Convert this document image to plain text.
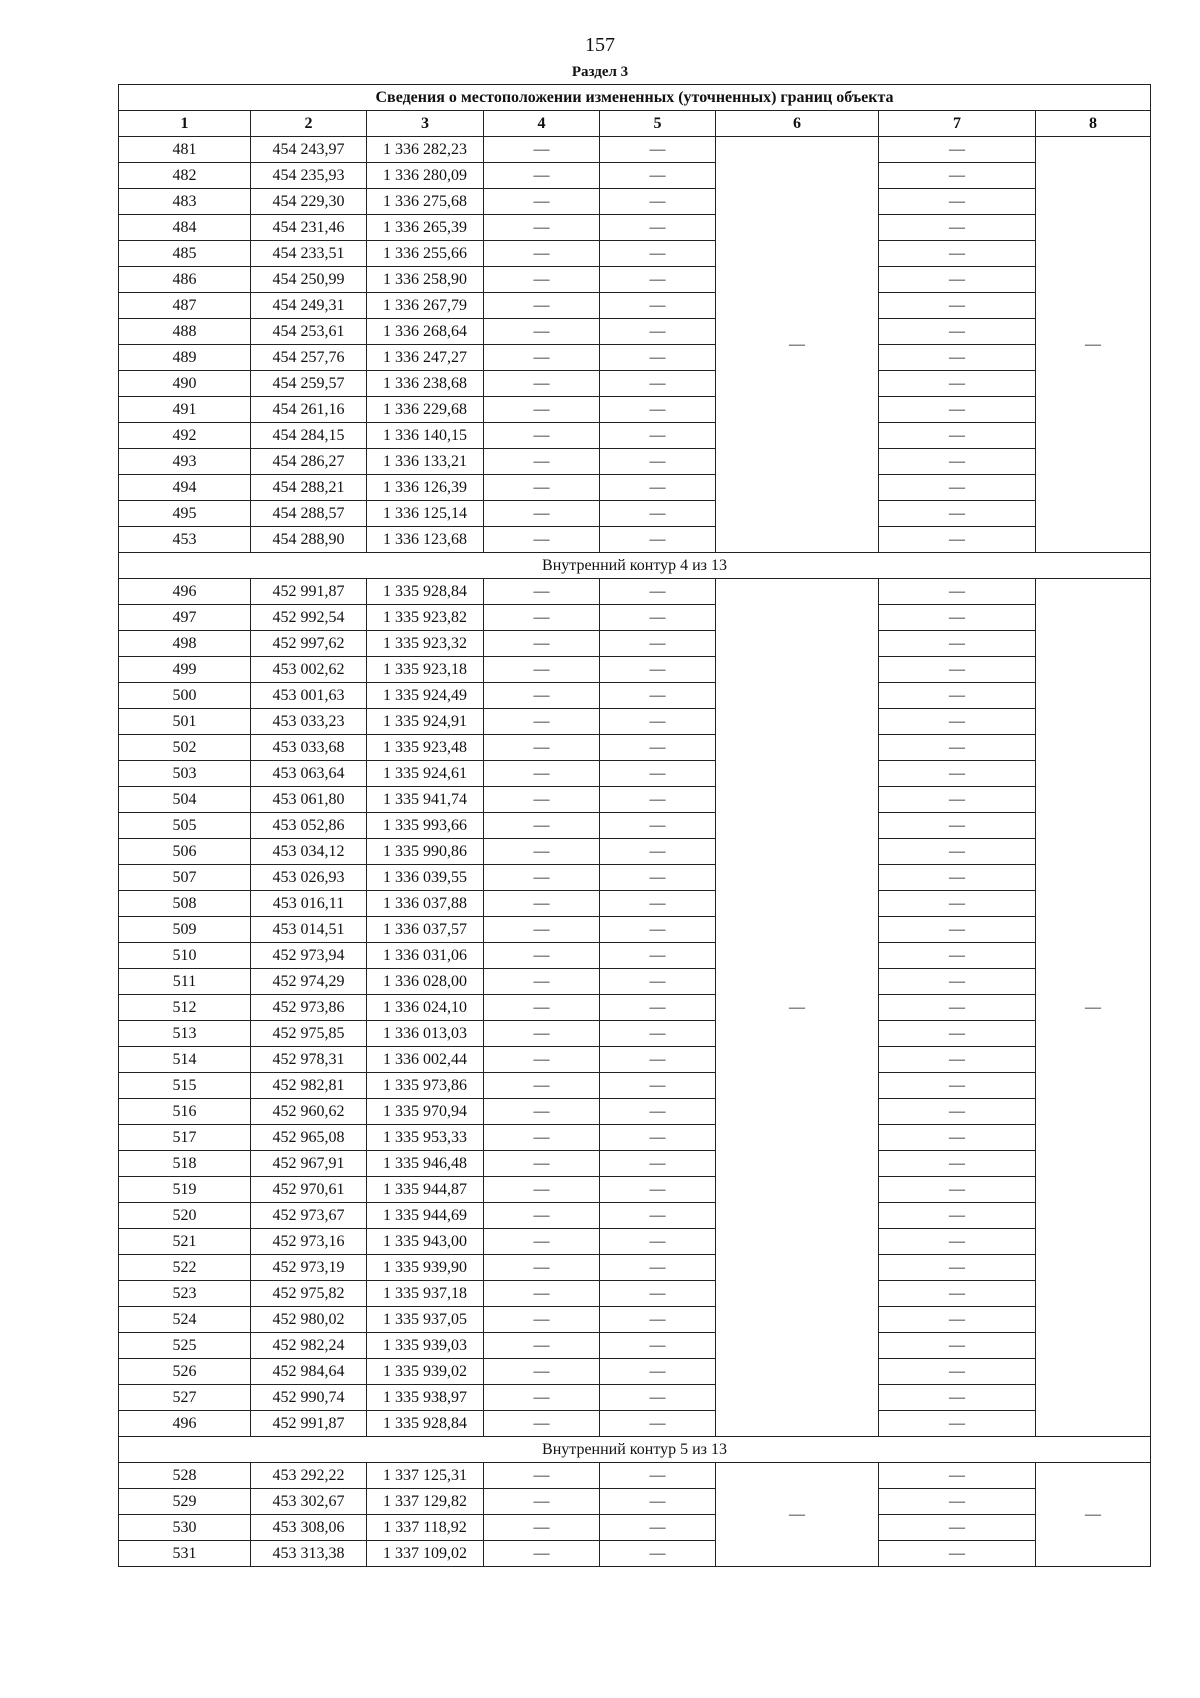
157
Раздел 3
Сведения о местоположении измененных (уточненных) границ объекта							
1	2	3	4	5	6	7	8
481	454 243,97	1 336 282,23	—	—	—	—	—
482	454 235,93	1 336 280,09	—	—		—	
483	454 229,30	1 336 275,68	—	—		—	
484	454 231,46	1 336 265,39	—	—		—	
485	454 233,51	1 336 255,66	—	—		—	
486	454 250,99	1 336 258,90	—	—		—	
487	454 249,31	1 336 267,79	—	—		—	
488	454 253,61	1 336 268,64	—	—		—	
489	454 257,76	1 336 247,27	—	—		—	
490	454 259,57	1 336 238,68	—	—		—	
491	454 261,16	1 336 229,68	—	—		—	
492	454 284,15	1 336 140,15	—	—		—	
493	454 286,27	1 336 133,21	—	—		—	
494	454 288,21	1 336 126,39	—	—		—	
495	454 288,57	1 336 125,14	—	—		—	
453	454 288,90	1 336 123,68	—	—		—	
Внутренний контур 4 из 13							
496	452 991,87	1 335 928,84	—	—	—	—	—
497	452 992,54	1 335 923,82	—	—		—	
498	452 997,62	1 335 923,32	—	—		—	
499	453 002,62	1 335 923,18	—	—		—	
500	453 001,63	1 335 924,49	—	—		—	
501	453 033,23	1 335 924,91	—	—		—	
502	453 033,68	1 335 923,48	—	—		—	
503	453 063,64	1 335 924,61	—	—		—	
504	453 061,80	1 335 941,74	—	—		—	
505	453 052,86	1 335 993,66	—	—		—	
506	453 034,12	1 335 990,86	—	—		—	
507	453 026,93	1 336 039,55	—	—		—	
508	453 016,11	1 336 037,88	—	—		—	
509	453 014,51	1 336 037,57	—	—		—	
510	452 973,94	1 336 031,06	—	—		—	
511	452 974,29	1 336 028,00	—	—		—	
512	452 973,86	1 336 024,10	—	—		—	
513	452 975,85	1 336 013,03	—	—		—	
514	452 978,31	1 336 002,44	—	—		—	
515	452 982,81	1 335 973,86	—	—		—	
516	452 960,62	1 335 970,94	—	—		—	
517	452 965,08	1 335 953,33	—	—		—	
518	452 967,91	1 335 946,48	—	—		—	
519	452 970,61	1 335 944,87	—	—		—	
520	452 973,67	1 335 944,69	—	—		—	
521	452 973,16	1 335 943,00	—	—		—	
522	452 973,19	1 335 939,90	—	—		—	
523	452 975,82	1 335 937,18	—	—		—	
524	452 980,02	1 335 937,05	—	—		—	
525	452 982,24	1 335 939,03	—	—		—	
526	452 984,64	1 335 939,02	—	—		—	
527	452 990,74	1 335 938,97	—	—		—	
496	452 991,87	1 335 928,84	—	—		—	
Внутренний контур 5 из 13							
528	453 292,22	1 337 125,31	—	—	—	—	—
529	453 302,67	1 337 129,82	—	—		—	
530	453 308,06	1 337 118,92	—	—		—	
531	453 313,38	1 337 109,02	—	—		—	
